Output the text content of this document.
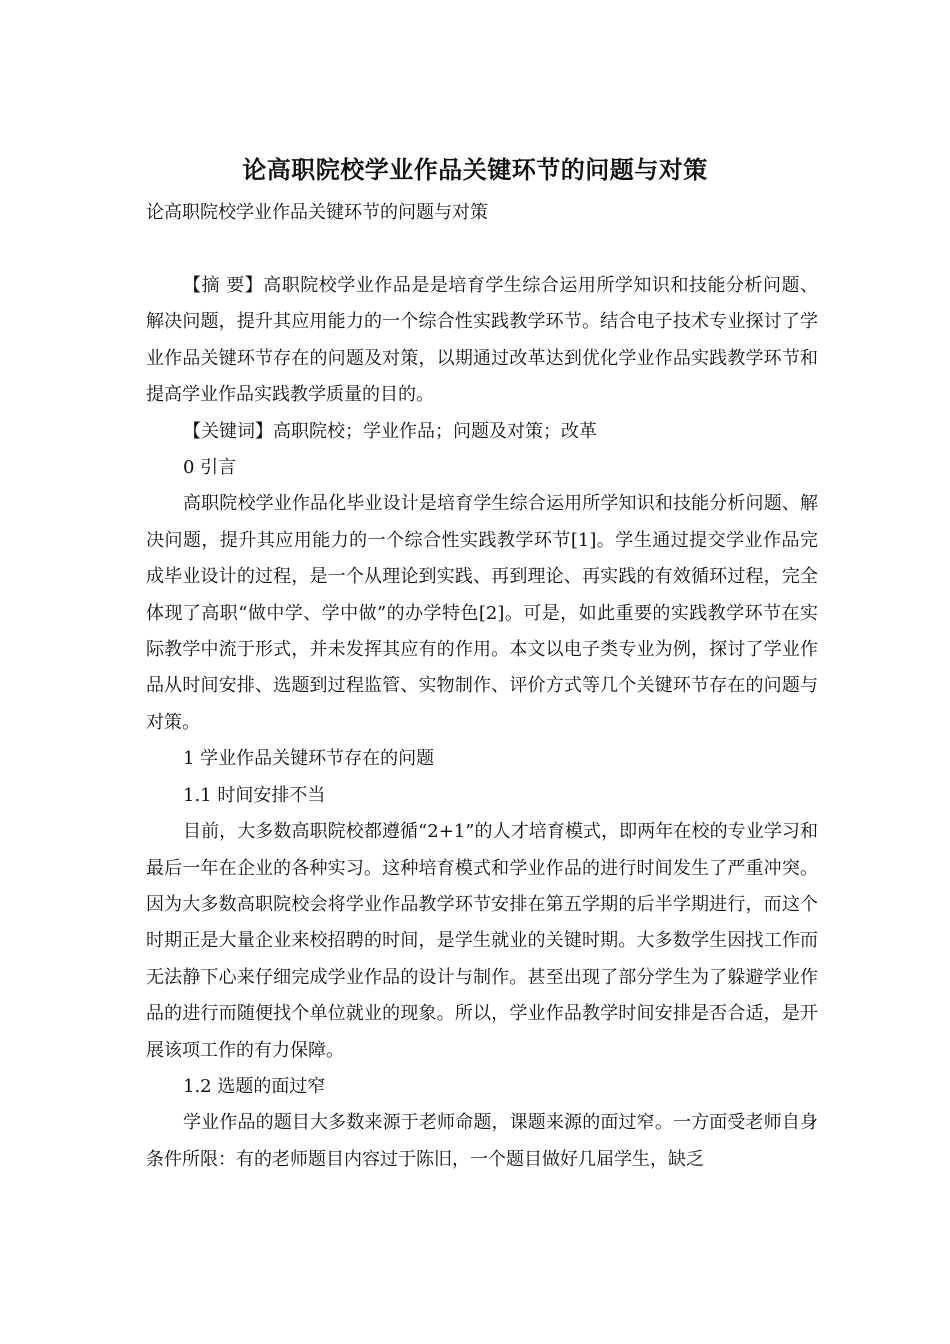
论高职院校学业作品关键环节的问题与对策

论高职院校学业作品关键环节的问题与对策

【摘 要】高职院校学业作品是是培育学生综合运用所学知识和技能分析问题、解决问题，提升其应用能力的一个综合性实践教学环节。结合电子技术专业探讨了学业作品关键环节存在的问题及对策，以期通过改革达到优化学业作品实践教学环节和提高学业作品实践教学质量的目的。

【关键词】高职院校；学业作品；问题及对策；改革

0 引言

高职院校学业作品化毕业设计是培育学生综合运用所学知识和技能分析问题、解决问题，提升其应用能力的一个综合性实践教学环节[1]。学生通过提交学业作品完成毕业设计的过程，是一个从理论到实践、再到理论、再实践的有效循环过程，完全体现了高职“做中学、学中做”的办学特色[2]。可是，如此重要的实践教学环节在实际教学中流于形式，并未发挥其应有的作用。本文以电子类专业为例，探讨了学业作品从时间安排、选题到过程监管、实物制作、评价方式等几个关键环节存在的问题与对策。

1 学业作品关键环节存在的问题

1.1 时间安排不当

目前，大多数高职院校都遵循“2+1”的人才培育模式，即两年在校的专业学习和最后一年在企业的各种实习。这种培育模式和学业作品的进行时间发生了严重冲突。因为大多数高职院校会将学业作品教学环节安排在第五学期的后半学期进行，而这个时期正是大量企业来校招聘的时间，是学生就业的关键时期。大多数学生因找工作而无法静下心来仔细完成学业作品的设计与制作。甚至出现了部分学生为了躲避学业作品的进行而随便找个单位就业的现象。所以，学业作品教学时间安排是否合适，是开展该项工作的有力保障。

1.2 选题的面过窄

学业作品的题目大多数来源于老师命题，课题来源的面过窄。一方面受老师自身条件所限：有的老师题目内容过于陈旧，一个题目做好几届学生，缺乏
